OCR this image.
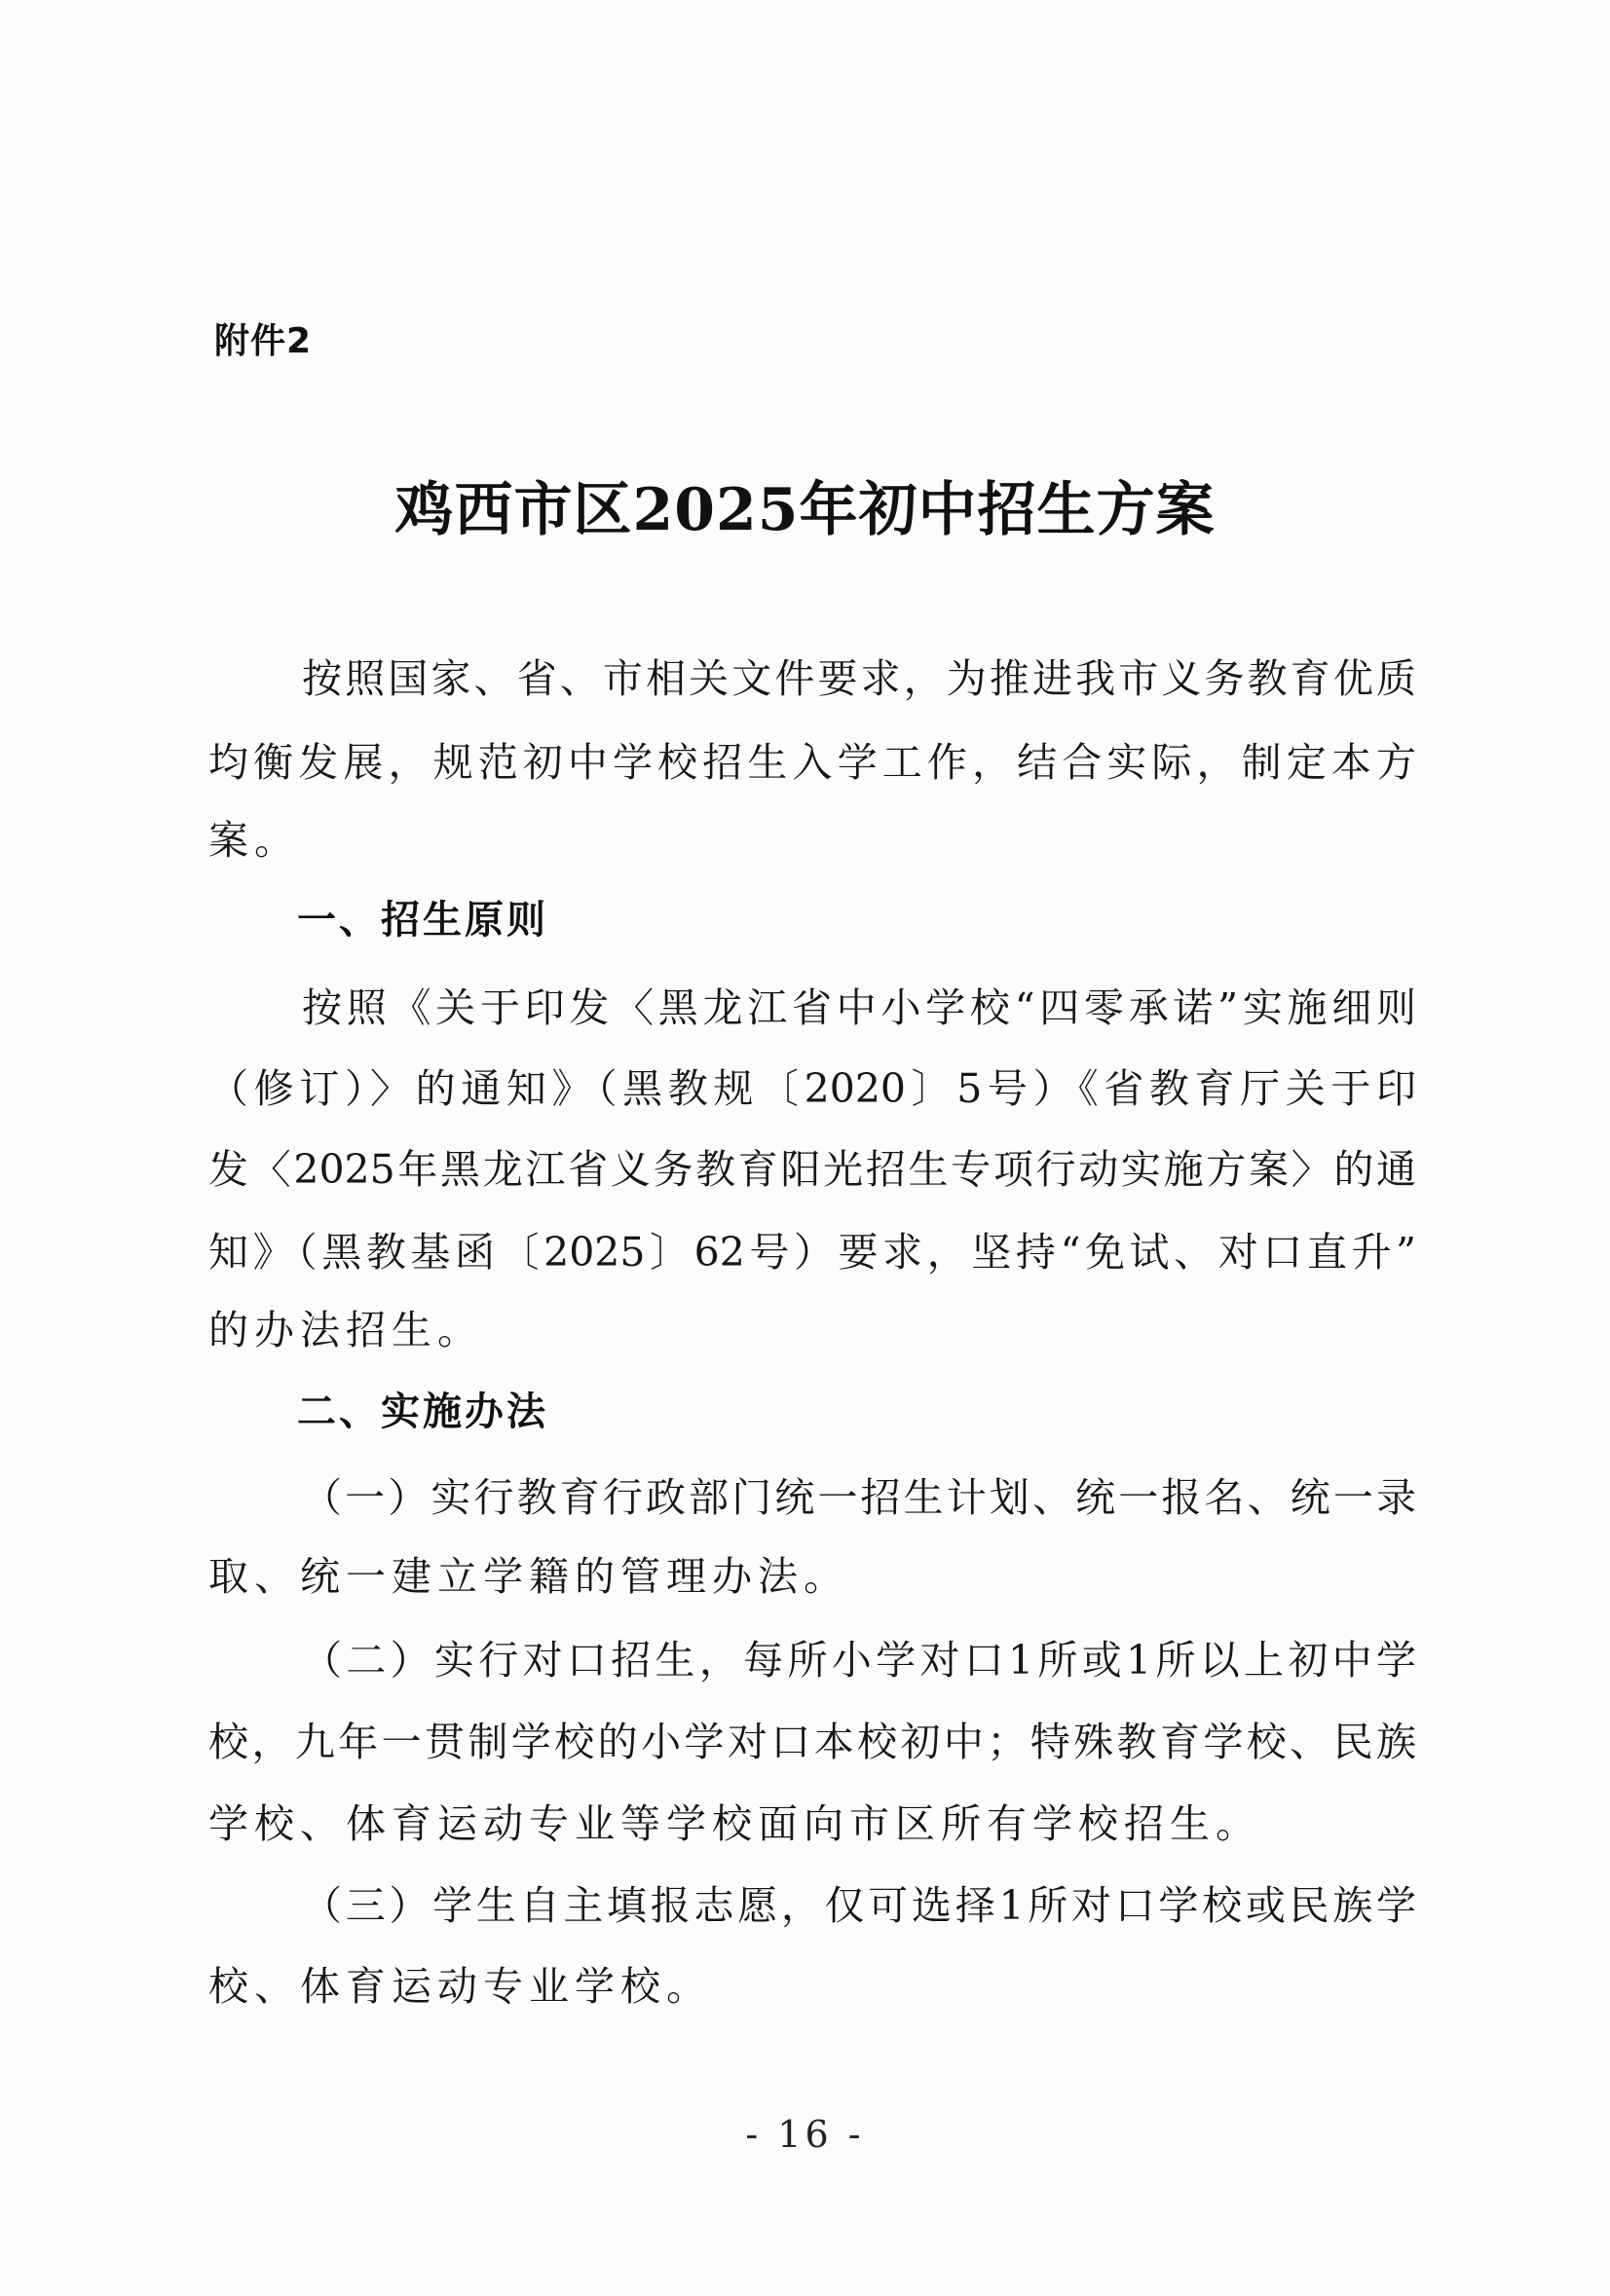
附件2
鸡西市区2025年初中招生方案
按照国家、省、市相关文件要求，为推进我市义务教育优质
均衡发展，规范初中学校招生入学工作，结合实际，制定本方
案。
一、招生原则
按照《关于印发〈黑龙江省中小学校“四零承诺”实施细则
（修订）〉的通知》（黑教规〔2020〕5号）《省教育厅关于印
发〈2025年黑龙江省义务教育阳光招生专项行动实施方案〉的通
知》（黑教基函〔2025〕62号）要求，坚持“免试、对口直升”
的办法招生。
二、实施办法
（一）实行教育行政部门统一招生计划、统一报名、统一录
取、统一建立学籍的管理办法。
（二）实行对口招生，每所小学对口1所或1所以上初中学
校，九年一贯制学校的小学对口本校初中；特殊教育学校、民族
学校、体育运动专业等学校面向市区所有学校招生。
（三）学生自主填报志愿，仅可选择1所对口学校或民族学
校、体育运动专业学校。
- 16 -
